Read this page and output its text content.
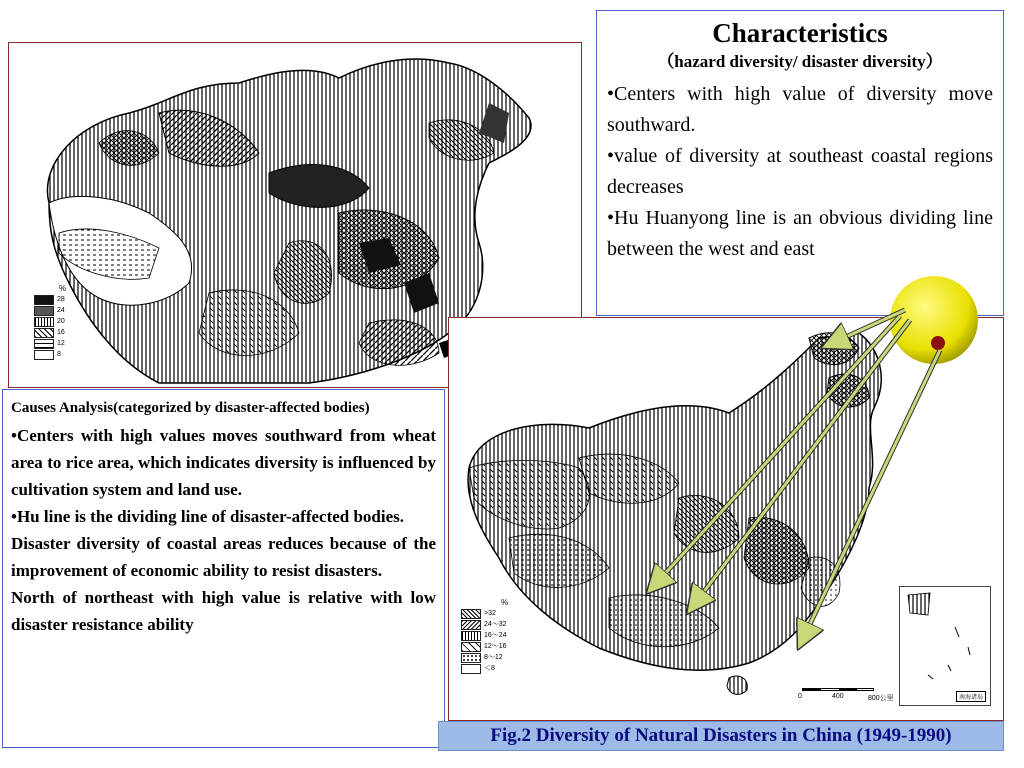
%
28
24
20
16
12
8
%
>32
24～32
16～24
12～16
8～12
＜8
南海诸岛
0	400	800公里
Characteristics
（hazard diversity/ disaster diversity）
•Centers with high value of diversity move southward.
•value of diversity at southeast coastal regions decreases
•Hu Huanyong line is an obvious dividing line between the west and east
Causes Analysis(categorized by disaster-affected bodies)
•Centers with high values moves southward from wheat area to rice area, which indicates diversity is influenced by cultivation system and land use.
•Hu line is the dividing line of disaster-affected bodies.
Disaster diversity of coastal areas reduces because of the improvement of economic ability to resist disasters.
North of northeast with high value is relative with low disaster resistance ability
Fig.2 Diversity of Natural Disasters in China (1949-1990)
